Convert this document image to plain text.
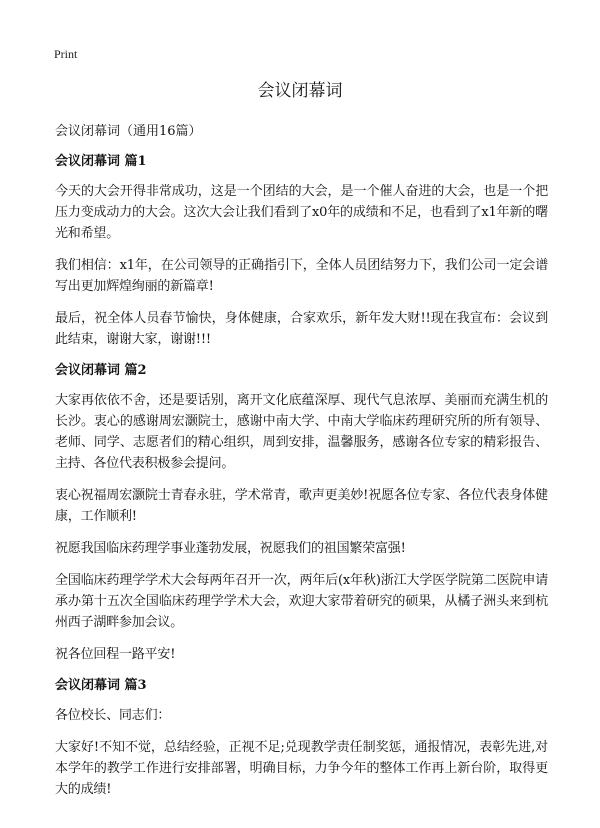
Print
会议闭幕词
会议闭幕词（通用16篇）
会议闭幕词 篇1

今天的大会开得非常成功，这是一个团结的大会，是一个催人奋进的大会，也是一个把压力变成动力的大会。这次大会让我们看到了x0年的成绩和不足，也看到了x1年新的曙光和希望。

我们相信：x1年，在公司领导的正确指引下，全体人员团结努力下，我们公司一定会谱写出更加辉煌绚丽的新篇章!

最后，祝全体人员春节愉快，身体健康，合家欢乐，新年发大财!!现在我宣布：会议到此结束，谢谢大家，谢谢!!!

会议闭幕词 篇2

大家再依依不舍，还是要话别，离开文化底蕴深厚、现代气息浓厚、美丽而充满生机的长沙。衷心的感谢周宏灏院士，感谢中南大学、中南大学临床药理研究所的所有领导、老师、同学、志愿者们的精心组织，周到安排，温馨服务，感谢各位专家的精彩报告、主持、各位代表积极参会提问。

衷心祝福周宏灏院士青春永驻，学术常青，歌声更美妙!祝愿各位专家、各位代表身体健康，工作顺利!

祝愿我国临床药理学事业蓬勃发展，祝愿我们的祖国繁荣富强!

全国临床药理学学术大会每两年召开一次，两年后(x年秋)浙江大学医学院第二医院申请承办第十五次全国临床药理学学术大会，欢迎大家带着研究的硕果，从橘子洲头来到杭州西子湖畔参加会议。

祝各位回程一路平安!

会议闭幕词 篇3

各位校长、同志们：

大家好!不知不觉，总结经验，正视不足;兑现教学责任制奖惩，通报情况，表彰先进,对本学年的教学工作进行安排部署，明确目标，力争今年的整体工作再上新台阶，取得更大的成绩!
